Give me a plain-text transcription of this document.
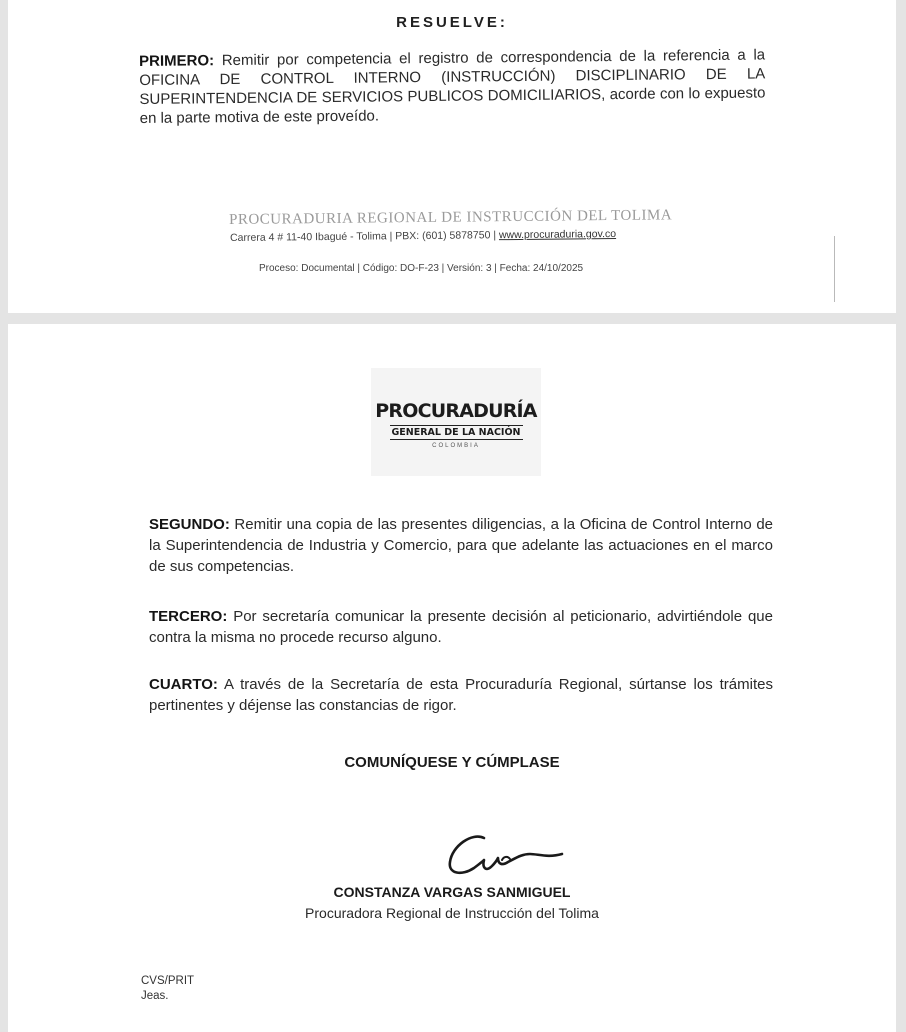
RESUELVE:
PRIMERO: Remitir por competencia el registro de correspondencia de la referencia a la OFICINA DE CONTROL INTERNO (INSTRUCCIÓN) DISCIPLINARIO DE LA SUPERINTENDENCIA DE SERVICIOS PUBLICOS DOMICILIARIOS, acorde con lo expuesto en la parte motiva de este proveído.
PROCURADURIA REGIONAL DE INSTRUCCIÓN DEL TOLIMA
Carrera 4 # 11-40 Ibagué - Tolima | PBX: (601) 5878750 | www.procuraduria.gov.co
Proceso: Documental | Código: DO-F-23 | Versión: 3 | Fecha: 24/10/2025
PROCURADURÍA
GENERAL DE LA NACIÓN
COLOMBIA
SEGUNDO: Remitir una copia de las presentes diligencias, a la Oficina de Control Interno de la Superintendencia de Industria y Comercio, para que adelante las actuaciones en el marco de sus competencias.
TERCERO: Por secretaría comunicar la presente decisión al peticionario, advirtiéndole que contra la misma no procede recurso alguno.
CUARTO: A través de la Secretaría de esta Procuraduría Regional, súrtanse los trámites pertinentes y déjense las constancias de rigor.
COMUNÍQUESE Y CÚMPLASE
CONSTANZA VARGAS SANMIGUEL
Procuradora Regional de Instrucción del Tolima
CVS/PRIT
Jeas.
